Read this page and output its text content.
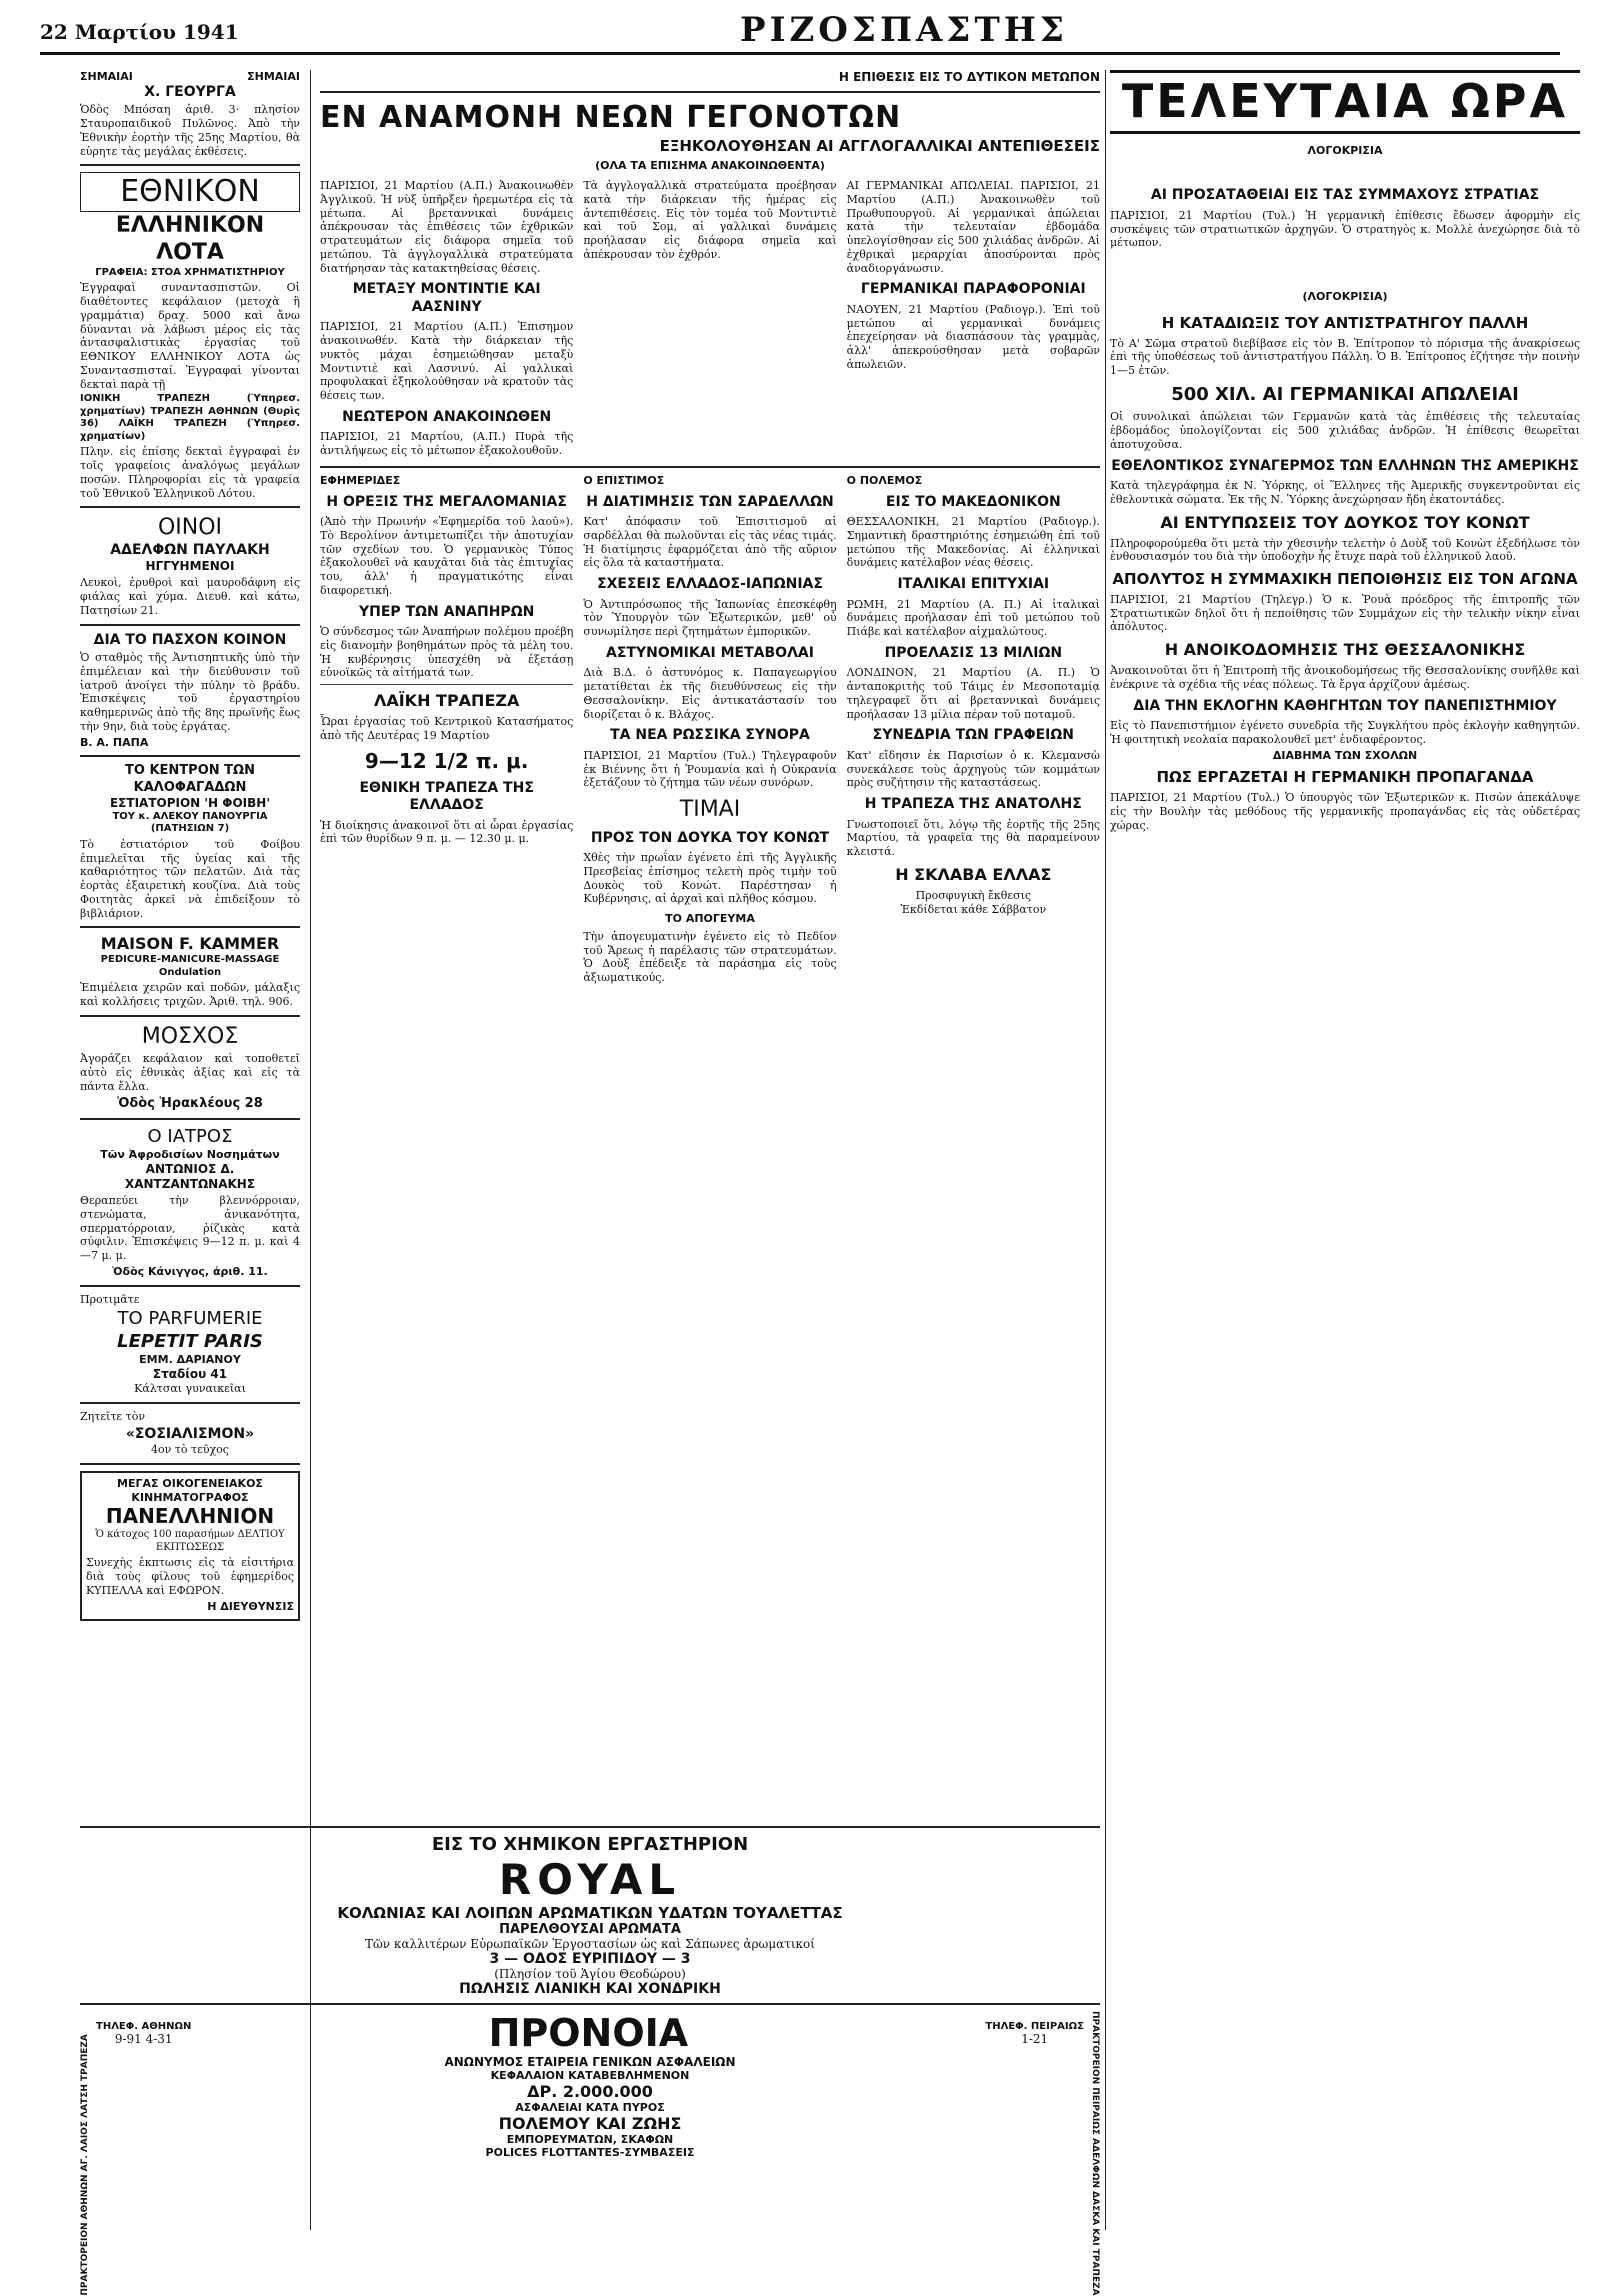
22 Μαρτίου 1941	ΡΙΖΟΣΠΑΣΤΗΣ
ΣΗΜΑΙΑΙ	ΣΗΜΑΙΑΙ
Χ. ΓΕΟΥΡΓΑ
Ὁδὸς Μπόσαη ἀριθ. 3· πλησίον Σταυροπαιδικοῦ Πυλῶνος. Ἀπὸ τὴν Ἐθνικὴν ἑορτὴν τῆς 25ης Μαρτίου, θὰ εὑρητε τὰς μεγάλας ἐκθέσεις.
ΕΘΝΙΚΟΝ
ΕΛΛΗΝΙΚΟΝ ΛΟΤΑ
ΓΡΑΦΕΙΑ: ΣΤΟΑ ΧΡΗΜΑΤΙΣΤΗΡΙΟΥ
Ἐγγραφαὶ συναντασπιστῶν. Οἱ διαθέτοντες κεφάλαιον (μετοχὰ ἢ γραμμάτια) δραχ. 5000 καὶ ἄνω δύνανται νὰ λάβωσι μέρος εἰς τὰς ἀντασφαλιστικὰς ἐργασίας τοῦ ΕΘΝΙΚΟΥ ΕΛΛΗΝΙΚΟΥ ΛΟΤΑ ὡς Συναντασπισταί. Ἐγγραφαὶ γίνονται δεκταὶ παρὰ τῇ
ΙΟΝΙΚΗ ΤΡΑΠΕΖΗ (Ὑπηρεσ. χρηματίων) ΤΡΑΠΕΖΗ ΑΘΗΝΩΝ (Θυρὶς 36) ΛΑΪΚΗ ΤΡΑΠΕΖΗ (Ὑπηρεσ. χρηματίων)
Πλην. εἰς ἐπίσης δεκταὶ ἐγγραφαὶ ἐν τοῖς γραφείοις ἀναλόγως μεγάλων ποσῶν. Πληροφορίαι εἰς τὰ γραφεία τοῦ Ἐθνικοῦ Ἑλληνικοῦ Λότου.
ΟΙΝΟΙ
ΑΔΕΛΦΩΝ ΠΑΥΛΑΚΗ
ΗΓΓΥΗΜΕΝΟΙ
Λευκοὶ, ἐρυθροὶ καὶ μαυροδάφνη εἰς φιάλας καὶ χύμα. Διευθ. καὶ κάτω, Πατησίων 21.
ΔΙΑ ΤΟ ΠΑΣΧΟΝ ΚΟΙΝΟΝ
Ὁ σταθμὸς τῆς Ἀντισηπτικῆς ὑπὸ τὴν ἐπιμέλειαν καὶ τὴν διεύθυνσιν τοῦ ἰατροῦ ἀνοίγει τὴν πύλην τὸ βράδυ. Ἐπισκέψεις τοῦ ἐργαστηρίου καθημερινῶς ἀπὸ τῆς 8ης πρωϊνῆς ἕως τὴν 9ην, διὰ τοὺς ἐργάτας.
Β. Α. ΠΑΠΑ
ΤΟ ΚΕΝΤΡΟΝ ΤΩΝ ΚΑΛΟΦΑΓΑΔΩΝ
ΕΣΤΙΑΤΟΡΙΟΝ 'Η ΦΟΙΒΗ'
ΤΟΥ κ. ΑΛΕΚΟΥ ΠΑΝΟΥΡΓΙΑ (ΠΑΤΗΣΙΩΝ 7)
Τὸ ἐστιατόριον τοῦ Φοίβου ἐπιμελεῖται τῆς ὑγείας καὶ τῆς καθαριότητος τῶν πελατῶν. Διὰ τὰς ἑορτὰς ἐξαιρετικὴ κουζίνα. Διὰ τοὺς Φοιτητὰς ἀρκεῖ νὰ ἐπιδείξουν τὸ βιβλιάριον.
MAISON F. KAMMER
PEDICURE-MANICURE-MASSAGE Ondulation
Ἐπιμέλεια χειρῶν καὶ ποδῶν, μάλαξις καὶ κολλήσεις τριχῶν. Ἀριθ. τηλ. 906.
ΜΟΣΧΟΣ
Ἀγοράζει κεφάλαιον καὶ τοποθετεῖ αὐτὸ εἰς ἐθνικὰς ἀξίας καὶ εἰς τὰ πάντα ἔλλα.
Ὁδὸς Ἡρακλέους 28
Ο ΙΑΤΡΟΣ
Τῶν Ἀφροδισίων Νοσημάτων
ΑΝΤΩΝΙΟΣ Δ. ΧΑΝΤΖΑΝΤΩΝΑΚΗΣ
Θεραπεύει τὴν βλεννόρροιαν, στενώματα, ἀνικανότητα, σπερματόρροιαν, ῥίζικὰς κατὰ σύφιλιν. Ἐπισκέψεις 9—12 π. μ. καὶ 4—7 μ. μ.
Ὁδὸς Κάνιγγος, ἀριθ. 11.
Προτιμᾶτε
ΤΟ PARFUMERIE
LEPETIT PARIS
ΕΜΜ. ΔΑΡΙΑΝΟΥ
Σταδίου 41
Κάλτσαι γυναικεῖαι
Ζητεῖτε τὸν
«ΣΟΣΙΑΛΙΣΜΟΝ»
4ον τὸ τεῦχος
ΜΕΓΑΣ ΟΙΚΟΓΕΝΕΙΑΚΟΣ ΚΙΝΗΜΑΤΟΓΡΑΦΟΣ
ΠΑΝΕΛΛΗΝΙΟΝ
Ὁ κάτοχος 100 παρασήμων ΔΕΛΤΙΟΥ ΕΚΠΤΩΣΕΩΣ
Συνεχὴς ἐκπτωσις εἰς τὰ εἰσιτήρια διὰ τοὺς φίλους τοῦ ἐφημερίδος ΚΥΠΕΛΛΑ καὶ ΕΦΩΡΟΝ.
Η ΔΙΕΥΘΥΝΣΙΣ
Η ΕΠΙΘΕΣΙΣ ΕΙΣ ΤΟ ΔΥΤΙΚΟΝ ΜΕΤΩΠΟΝ
ΕΝ ΑΝΑΜΟΝΗ ΝΕΩΝ ΓΕΓΟΝΟΤΩΝ
ΕΞΗΚΟΛΟΥΘΗΣΑΝ ΑΙ ΑΓΓΛΟΓΑΛΛΙΚΑΙ ΑΝΤΕΠΙΘΕΣΕΙΣ
(ΟΛΑ ΤΑ ΕΠΙΣΗΜΑ ΑΝΑΚΟΙΝΩΘΕΝΤΑ)
ΠΑΡΙΣΙΟΙ, 21 Μαρτίου (Α.Π.) Ἀνακοινωθὲν Ἀγγλικοῦ. Ἡ νὺξ ὑπῆρξεν ἡρεμωτέρα εἰς τὰ μέτωπα. Αἱ βρεταννικαὶ δυνάμεις ἀπέκρουσαν τὰς ἐπιθέσεις τῶν ἐχθρικῶν στρατευμάτων εἰς διάφορα σημεῖα τοῦ μετώπου. Τὰ ἀγγλογαλλικὰ στρατεύματα διατήρησαν τὰς κατακτηθείσας θέσεις.
ΜΕΤΑΞΥ ΜΟΝΤΙΝΤΙΕ ΚΑΙ ΑΑΣΝΙΝΥ
ΠΑΡΙΣΙΟΙ, 21 Μαρτίου (Α.Π.) Ἐπισημον ἀνακοινωθέν. Κατὰ τὴν διάρκειαν τῆς νυκτὸς μάχαι ἐσημειώθησαν μεταξὺ Μοντιντιὲ καὶ Λασνινύ. Αἱ γαλλικαὶ προφυλακαὶ ἐξηκολούθησαν νὰ κρατοῦν τὰς θέσεις των.
ΝΕΩΤΕΡΟΝ ΑΝΑΚΟΙΝΩΘΕΝ
ΠΑΡΙΣΙΟΙ, 21 Μαρτίου, (Α.Π.) Πυρὰ τῆς ἀντιλήψεως εἰς τὸ μέτωπον ἐξακολουθοῦν.
Τὰ ἀγγλογαλλικὰ στρατεύματα προέβησαν κατὰ τὴν διάρκειαν τῆς ἡμέρας εἰς ἀντεπιθέσεις. Εἰς τὸν τομέα τοῦ Μοντιντιὲ καὶ τοῦ Σομ, αἱ γαλλικαὶ δυνάμεις προήλασαν εἰς διάφορα σημεῖα καὶ ἀπέκρουσαν τὸν ἐχθρόν.
ΑΙ ΓΕΡΜΑΝΙΚΑΙ ΑΠΩΛΕΙΑΙ. ΠΑΡΙΣΙΟΙ, 21 Μαρτίου (Α.Π.) Ἀνακοινωθὲν τοῦ Πρωθυπουργοῦ. Αἱ γερμανικαὶ ἀπώλειαι κατὰ τὴν τελευταίαν ἐβδομάδα ὑπελογίσθησαν εἰς 500 χιλιάδας ἀνδρῶν. Αἱ ἐχθρικαὶ μεραρχίαι ἀποσύρονται πρὸς ἀναδιοργάνωσιν.
ΓΕΡΜΑΝΙΚΑΙ ΠΑΡΑΦΟΡΟΝΙΑΙ
ΝΑΟΥΕΝ, 21 Μαρτίου (Ραδιογρ.). Ἐπὶ τοῦ μετώπου αἱ γερμανικαὶ δυνάμεις ἐπεχείρησαν νὰ διασπάσουν τὰς γραμμὰς, ἀλλ' ἀπεκρούσθησαν μετὰ σοβαρῶν ἀπωλειῶν.
ΕΦΗΜΕΡΙΔΕΣ
Η ΟΡΕΞΙΣ ΤΗΣ ΜΕΓΑΛΟΜΑΝΙΑΣ
(Ἀπὸ τὴν Πρωινήν «Ἐφημερίδα τοῦ λαοῦ»). Τὸ Βερολίνον ἀντιμετωπίζει τὴν ἀποτυχίαν τῶν σχεδίων του. Ὁ γερμανικὸς Τύπος ἐξακολουθεῖ νὰ καυχᾶται διὰ τὰς ἐπιτυχίας του, ἀλλ' ἡ πραγματικότης εἶναι διαφορετική.
ΥΠΕΡ ΤΩΝ ΑΝΑΠΗΡΩΝ
Ὁ σύνδεσμος τῶν Ἀναπήρων πολέμου προέβη εἰς διανομὴν βοηθημάτων πρὸς τὰ μέλη του. Ἡ κυβέρνησις ὑπεσχέθη νὰ ἐξετάσῃ εὐνοϊκῶς τὰ αἰτήματά των.
ΛΑΪΚΗ ΤΡΑΠΕΖΑ
Ὧραι ἐργασίας τοῦ Κεντρικοῦ Κατασήματος ἀπὸ τῆς Δευτέρας 19 Μαρτίου
9—12 1/2 π. μ.
ΕΘΝΙΚΗ ΤΡΑΠΕΖΑ ΤΗΣ ΕΛΛΑΔΟΣ
Ἡ διοίκησις ἀνακοινοῖ ὅτι αἱ ὧραι ἐργασίας ἐπὶ τῶν θυρίδων 9 π. μ. — 12.30 μ. μ.
Ο ΕΠΙΣΤΙΜΟΣ
Η ΔΙΑΤΙΜΗΣΙΣ ΤΩΝ ΣΑΡΔΕΛΛΩΝ
Κατ' ἀπόφασιν τοῦ Ἐπισιτισμοῦ αἱ σαρδέλλαι θὰ πωλοῦνται εἰς τὰς νέας τιμάς. Ἡ διατίμησις ἐφαρμόζεται ἀπὸ τῆς αὔριον εἰς ὅλα τὰ καταστήματα.
ΣΧΕΣΕΙΣ ΕΛΛΑΔΟΣ-ΙΑΠΩΝΙΑΣ
Ὁ Ἀντιπρόσωπος τῆς Ἰαπωνίας ἐπεσκέφθη τὸν Ὑπουργὸν τῶν Ἐξωτερικῶν, μεθ' οὗ συνωμίλησε περὶ ζητημάτων ἐμπορικῶν.
ΑΣΤΥΝΟΜΙΚΑΙ ΜΕΤΑΒΟΛΑΙ
Διὰ Β.Δ. ὁ ἀστυνόμος κ. Παπαγεωργίου μετατίθεται ἐκ τῆς διευθύνσεως εἰς τὴν Θεσσαλονίκην. Εἰς ἀντικατάστασίν του διορίζεται ὁ κ. Βλάχος.
ΤΑ ΝΕΑ ΡΩΣΣΙΚΑ ΣΥΝΟΡΑ
ΠΑΡΙΣΙΟΙ, 21 Μαρτίου (Τυλ.) Τηλεγραφοῦν ἐκ Βιέννης ὅτι ἡ Ῥουμανία καὶ ἡ Οὐκρανία ἐξετάζουν τὸ ζήτημα τῶν νέων συνόρων.
ΤΙΜΑΙ
ΠΡΟΣ ΤΟΝ ΔΟΥΚΑ ΤΟΥ ΚΟΝΩΤ
Χθὲς τὴν πρωΐαν ἐγένετο ἐπὶ τῆς Ἀγγλικῆς Πρεσβείας ἐπίσημος τελετὴ πρὸς τιμὴν τοῦ Δουκὸς τοῦ Κονώτ. Παρέστησαν ἡ Κυβέρνησις, αἱ ἀρχαὶ καὶ πλῆθος κόσμου.
ΤΟ ΑΠΟΓΕΥΜΑ
Τὴν ἀπογευματινὴν ἐγένετο εἰς τὸ Πεδίον τοῦ Ἄρεως ἡ παρέλασις τῶν στρατευμάτων. Ὁ Δοὺξ ἐπέδειξε τὰ παράσημα εἰς τοὺς ἀξιωματικούς.
Ο ΠΟΛΕΜΟΣ
ΕΙΣ ΤΟ ΜΑΚΕΔΟΝΙΚΟΝ
ΘΕΣΣΑΛΟΝΙΚΗ, 21 Μαρτίου (Ραδιογρ.). Σημαντικὴ δραστηριότης ἐσημειώθη ἐπὶ τοῦ μετώπου τῆς Μακεδονίας. Αἱ ἑλληνικαὶ δυνάμεις κατέλαβον νέας θέσεις.
ΙΤΑΛΙΚΑΙ ΕΠΙΤΥΧΙΑΙ
ΡΩΜΗ, 21 Μαρτίου (Α. Π.) Αἱ ἰταλικαὶ δυνάμεις προήλασαν ἐπὶ τοῦ μετώπου τοῦ Πιάβε καὶ κατέλαβον αἰχμαλώτους.
ΠΡΟΕΛΑΣΙΣ 13 ΜΙΛΙΩΝ
ΛΟΝΔΙΝΟΝ, 21 Μαρτίου (Α. Π.) Ὁ ἀνταποκριτὴς τοῦ Τάιμς ἐν Μεσοποταμίᾳ τηλεγραφεῖ ὅτι αἱ βρεταννικαὶ δυνάμεις προήλασαν 13 μίλια πέραν τοῦ ποταμοῦ.
ΣΥΝΕΔΡΙΑ ΤΩΝ ΓΡΑΦΕΙΩΝ
Κατ' εἴδησιν ἐκ Παρισίων ὁ κ. Κλεμανσὼ συνεκάλεσε τοὺς ἀρχηγοὺς τῶν κομμάτων πρὸς συζήτησιν τῆς καταστάσεως.
Η ΤΡΑΠΕΖΑ ΤΗΣ ΑΝΑΤΟΛΗΣ
Γνωστοποιεῖ ὅτι, λόγῳ τῆς ἑορτῆς τῆς 25ης Μαρτίου, τὰ γραφεῖα της θὰ παραμείνουν κλειστά.
Η ΣΚΛΑΒΑ ΕΛΛΑΣ
Προσφυγικὴ ἔκθεσις
Ἐκδίδεται κάθε Σάββατον
ΕΙΣ ΤΟ ΧΗΜΙΚΟΝ ΕΡΓΑΣΤΗΡΙΟΝ
ROYAL
ΚΟΛΩΝΙΑΣ ΚΑΙ ΛΟΙΠΩΝ ΑΡΩΜΑΤΙΚΩΝ ΥΔΑΤΩΝ ΤΟΥΑΛΕΤΤΑΣ
ΠΑΡΕΛΘΟΥΣΑΙ ΑΡΩΜΑΤΑ
Τῶν καλλιτέρων Εὐρωπαϊκῶν Ἐργοστασίων ὡς καὶ Σάπωνες ἀρωματικοί
3 — ΟΔΟΣ ΕΥΡΙΠΙΔΟΥ — 3
(Πλησίον τοῦ Ἁγίου Θεοδώρου)
ΠΩΛΗΣΙΣ ΛΙΑΝΙΚΗ ΚΑΙ ΧΟΝΔΡΙΚΗ
ΠΡΑΚΤΟΡΕΙΟΝ ΑΘΗΝΩΝ ΑΓ. ΛΑΙΟΣ ΛΑΤΣΗ ΤΡΑΠΕΖΑ
ΤΗΛΕΦ. ΑΘΗΝΩΝ
9-91 4-31	ΠΡΟΝΟΙΑ	ΤΗΛΕΦ. ΠΕΙΡΑΙΩΣ
1-21
ΑΝΩΝΥΜΟΣ ΕΤΑΙΡΕΙΑ ΓΕΝΙΚΩΝ ΑΣΦΑΛΕΙΩΝ
ΚΕΦΑΛΑΙΟΝ ΚΑΤΑΒΕΒΛΗΜΕΝΟΝ
ΔΡ. 2.000.000
ΑΣΦΑΛΕΙΑΙ ΚΑΤΑ ΠΥΡΟΣ
ΠΟΛΕΜΟΥ ΚΑΙ ΖΩΗΣ
ΕΜΠΟΡΕΥΜΑΤΩΝ, ΣΚΑΦΩΝ
POLICES FLOTTANTES-ΣΥΜΒΑΣΕΙΣ	ΠΡΑΚΤΟΡΕΙΟΝ ΠΕΙΡΑΙΩΣ ΑΔΕΛΦΩΝ ΔΑΣΚΑ ΚΑΙ ΤΡΑΠΕΖΑ
ΤΕΛΕΥΤΑΙΑ ΩΡΑ
ΛΟΓΟΚΡΙΣΙΑ
ΑΙ ΠΡΟΣΑΤΑΘΕΙΑΙ ΕΙΣ ΤΑΣ ΣΥΜΜΑΧΟΥΣ ΣΤΡΑΤΙΑΣ
ΠΑΡΙΣΙΟΙ, 21 Μαρτίου (Τυλ.) Ἡ γερμανικὴ ἐπίθεσις ἔδωσεν ἀφορμὴν εἰς συσκέψεις τῶν στρατιωτικῶν ἀρχηγῶν. Ὁ στρατηγὸς κ. Μολλὲ ἀνεχώρησε διὰ τὸ μέτωπον.
(ΛΟΓΟΚΡΙΣΙΑ)
Η ΚΑΤΑΔΙΩΞΙΣ ΤΟΥ ΑΝΤΙΣΤΡΑΤΗΓΟΥ ΠΑΛΛΗ
Τὸ Α' Σῶμα στρατοῦ διεβίβασε εἰς τὸν Β. Ἐπίτροπον τὸ πόρισμα τῆς ἀνακρίσεως ἐπὶ τῆς ὑποθέσεως τοῦ ἀντιστρατήγου Πάλλη. Ὁ Β. Ἐπίτροπος ἐζήτησε τὴν ποινὴν 1—5 ἐτῶν.
500 ΧΙΛ. ΑΙ ΓΕΡΜΑΝΙΚΑΙ ΑΠΩΛΕΙΑΙ
Οἱ συνολικαὶ ἀπώλειαι τῶν Γερμανῶν κατὰ τὰς ἐπιθέσεις τῆς τελευταίας ἑβδομάδος ὑπολογίζονται εἰς 500 χιλιάδας ἀνδρῶν. Ἡ ἐπίθεσις θεωρεῖται ἀποτυχοῦσα.
ΕΘΕΛΟΝΤΙΚΟΣ ΣΥΝΑΓΕΡΜΟΣ ΤΩΝ ΕΛΛΗΝΩΝ ΤΗΣ ΑΜΕΡΙΚΗΣ
Κατὰ τηλεγράφημα ἐκ Ν. Ὑόρκης, οἱ Ἕλληνες τῆς Ἀμερικῆς συγκεντροῦνται εἰς ἐθελοντικὰ σώματα. Ἐκ τῆς Ν. Ὑόρκης ἀνεχώρησαν ἤδη ἑκατοντάδες.
ΑΙ ΕΝΤΥΠΩΣΕΙΣ ΤΟΥ ΔΟΥΚΟΣ ΤΟΥ ΚΟΝΩΤ
Πληροφορούμεθα ὅτι μετὰ τὴν χθεσινὴν τελετὴν ὁ Δοὺξ τοῦ Κονὼτ ἐξεδήλωσε τὸν ἐνθουσιασμόν του διὰ τὴν ὑποδοχὴν ἧς ἔτυχε παρὰ τοῦ ἑλληνικοῦ λαοῦ.
ΑΠΟΛΥΤΟΣ Η ΣΥΜΜΑΧΙΚΗ ΠΕΠΟΙΘΗΣΙΣ ΕΙΣ ΤΟΝ ΑΓΩΝΑ
ΠΑΡΙΣΙΟΙ, 21 Μαρτίου (Τηλεγρ.) Ὁ κ. Ῥουὰ πρόεδρος τῆς ἐπιτροπῆς τῶν Στρατιωτικῶν δηλοῖ ὅτι ἡ πεποίθησις τῶν Συμμάχων εἰς τὴν τελικὴν νίκην εἶναι ἀπόλυτος.
Η ΑΝΟΙΚΟΔΟΜΗΣΙΣ ΤΗΣ ΘΕΣΣΑΛΟΝΙΚΗΣ
Ἀνακοινοῦται ὅτι ἡ Ἐπιτροπὴ τῆς ἀνοικοδομήσεως τῆς Θεσσαλονίκης συνῆλθε καὶ ἐνέκρινε τὰ σχέδια τῆς νέας πόλεως. Τὰ ἔργα ἀρχίζουν ἀμέσως.
ΔΙΑ ΤΗΝ ΕΚΛΟΓΗΝ ΚΑΘΗΓΗΤΩΝ ΤΟΥ ΠΑΝΕΠΙΣΤΗΜΙΟΥ
Εἰς τὸ Πανεπιστήμιον ἐγένετο συνεδρία τῆς Συγκλήτου πρὸς ἐκλογὴν καθηγητῶν. Ἡ φοιτητικὴ νεολαία παρακολουθεῖ μετ' ἐνδιαφέροντος.
ΔΙΑΒΗΜΑ ΤΩΝ ΣΧΟΛΩΝ
ΠΩΣ ΕΡΓΑΖΕΤΑΙ Η ΓΕΡΜΑΝΙΚΗ ΠΡΟΠΑΓΑΝΔΑ
ΠΑΡΙΣΙΟΙ, 21 Μαρτίου (Τυλ.) Ὁ ὑπουργὸς τῶν Ἐξωτερικῶν κ. Πισὼν ἀπεκάλυψε εἰς τὴν Βουλὴν τὰς μεθόδους τῆς γερμανικῆς προπαγάνδας εἰς τὰς οὐδετέρας χώρας.
